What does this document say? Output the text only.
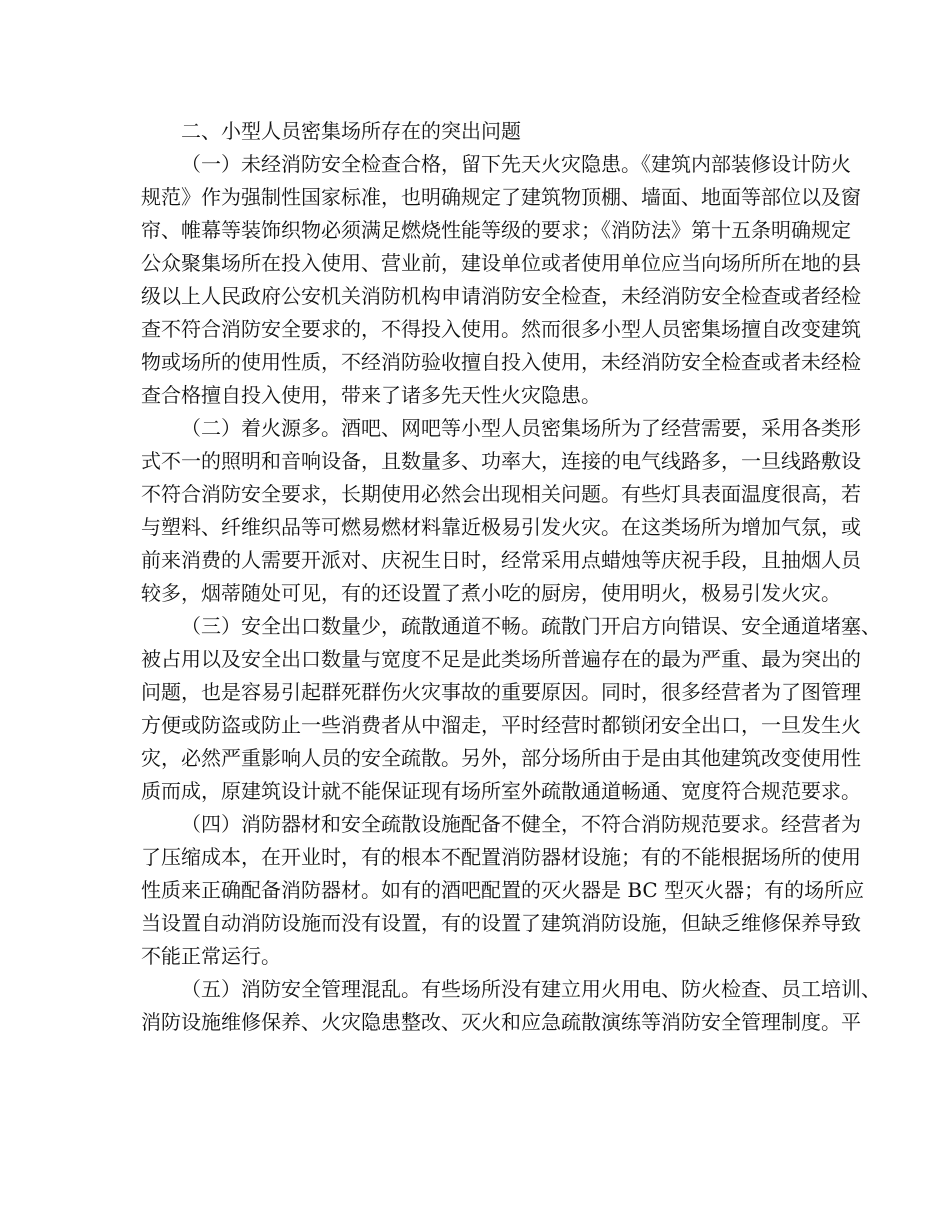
二、小型人员密集场所存在的突出问题
（一）未经消防安全检查合格，留下先天火灾隐患。《建筑内部装修设计防火
规范》作为强制性国家标准，也明确规定了建筑物顶棚、墙面、地面等部位以及窗
帘、帷幕等装饰织物必须满足燃烧性能等级的要求；《消防法》第十五条明确规定
公众聚集场所在投入使用、营业前，建设单位或者使用单位应当向场所所在地的县
级以上人民政府公安机关消防机构申请消防安全检查，未经消防安全检查或者经检
查不符合消防安全要求的，不得投入使用。然而很多小型人员密集场擅自改变建筑
物或场所的使用性质，不经消防验收擅自投入使用，未经消防安全检查或者未经检
查合格擅自投入使用，带来了诸多先天性火灾隐患。
（二）着火源多。酒吧、网吧等小型人员密集场所为了经营需要，采用各类形
式不一的照明和音响设备，且数量多、功率大，连接的电气线路多，一旦线路敷设
不符合消防安全要求，长期使用必然会出现相关问题。有些灯具表面温度很高，若
与塑料、纤维织品等可燃易燃材料靠近极易引发火灾。在这类场所为增加气氛，或
前来消费的人需要开派对、庆祝生日时，经常采用点蜡烛等庆祝手段，且抽烟人员
较多，烟蒂随处可见，有的还设置了煮小吃的厨房，使用明火，极易引发火灾。
（三）安全出口数量少，疏散通道不畅。疏散门开启方向错误、安全通道堵塞、
被占用以及安全出口数量与宽度不足是此类场所普遍存在的最为严重、最为突出的
问题，也是容易引起群死群伤火灾事故的重要原因。同时，很多经营者为了图管理
方便或防盗或防止一些消费者从中溜走，平时经营时都锁闭安全出口，一旦发生火
灾，必然严重影响人员的安全疏散。另外，部分场所由于是由其他建筑改变使用性
质而成，原建筑设计就不能保证现有场所室外疏散通道畅通、宽度符合规范要求。
（四）消防器材和安全疏散设施配备不健全，不符合消防规范要求。经营者为
了压缩成本，在开业时，有的根本不配置消防器材设施；有的不能根据场所的使用
性质来正确配备消防器材。如有的酒吧配置的灭火器是 BC 型灭火器；有的场所应
当设置自动消防设施而没有设置，有的设置了建筑消防设施，但缺乏维修保养导致
不能正常运行。
（五）消防安全管理混乱。有些场所没有建立用火用电、防火检查、员工培训、
消防设施维修保养、火灾隐患整改、灭火和应急疏散演练等消防安全管理制度。平
